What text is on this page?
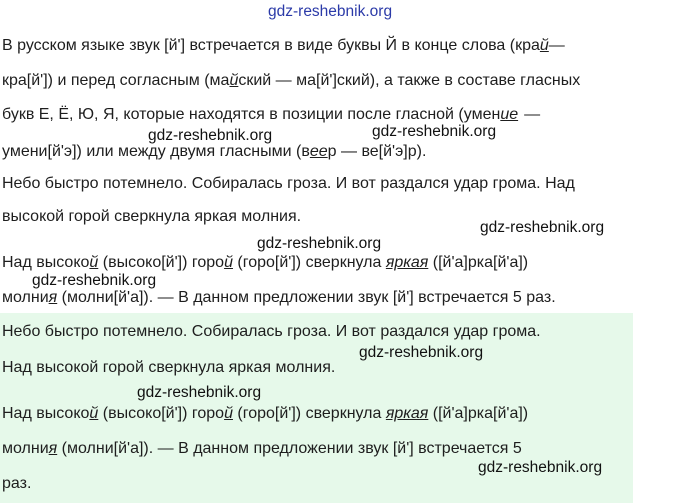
gdz-reshebnik.org
В русском языке звук [й'] встречается в виде буквы Й в конце слова (край—
кра[й']) и перед согласным (майский — ма[й']ский), а также в составе гласных
букв Е, Ё, Ю, Я, которые находятся в позиции после гласной (умение —
умени[й'э]) или между двумя гласными (веер — ве[й'э]р).
Небо быстро потемнело. Собиралась гроза. И вот раздался удар грома. Над
высокой горой сверкнула яркая молния.
Над высокой (высоко[й']) горой (горо[й']) сверкнула яркая ([й'а]рка[й'а])
молния (молни[й'а]). — В данном предложении звук [й'] встречается 5 раз.
Небо быстро потемнело. Собиралась гроза. И вот раздался удар грома.
Над высокой горой сверкнула яркая молния.
Над высокой (высоко[й']) горой (горо[й']) сверкнула яркая ([й'а]рка[й'а])
молния (молни[й'а]). — В данном предложении звук [й'] встречается 5
раз.
gdz-reshebnik.org	gdz-reshebnik.org
gdz-reshebnik.org
gdz-reshebnik.org
gdz-reshebnik.org
gdz-reshebnik.org
gdz-reshebnik.org
gdz-reshebnik.org
